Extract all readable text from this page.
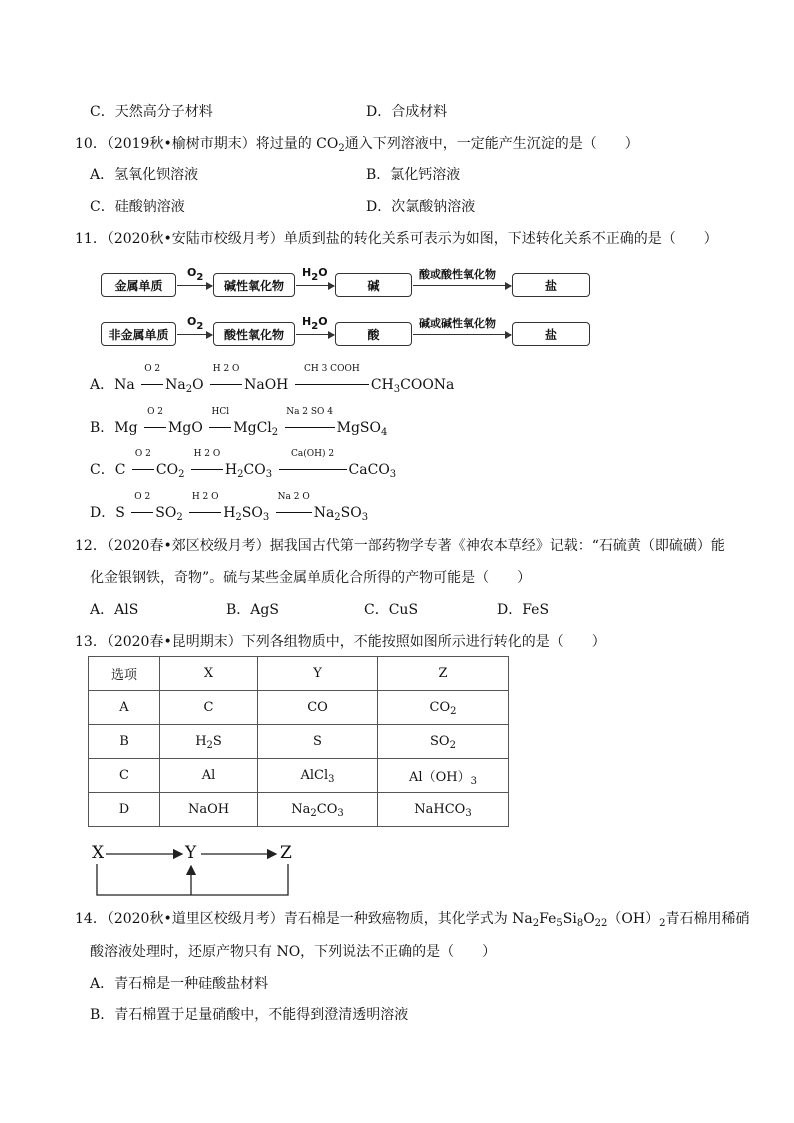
C．天然高分子材料	D．合成材料
10．（2019秋•榆树市期末）将过量的 $CO_2$通入下列溶液中，一定能产生沉淀的是（　　）
A．氢氧化钡溶液	B．氯化钙溶液
C．硅酸钠溶液	D．次氯酸钠溶液
11．（2020秋•安陆市校级月考）单质到盐的转化关系可表示为如图，下述转化关系不正确的是（　　）
金属单质
O2
碱性氧化物
H2O
碱
酸或酸性氧化物
盐
非金属单质
O2
酸性氧化物
H2O
酸
碱或碱性氧化物
盐
A．Na
O 2
$Na_2O$
H 2 O
NaOH
CH 3 COOH
$CH_3COONa$
B．Mg
O 2
MgO
HCl
MgCl$_2$
Na 2 SO 4
MgSO$_4$
C．C
O 2
$CO_2$
H 2 O
$H_2CO_3$
Ca(OH) 2
CaCO$_3$
D．S
O 2
$SO_2$
H 2 O
$H_2SO_3$
Na 2 O
$Na_2SO_3$
12．（2020春•郊区校级月考）据我国古代第一部药物学专著《神农本草经》记载：“石硫黄（即硫磺）能
化金银钢铁，奇物”。硫与某些金属单质化合所得的产物可能是（　　）
A．AlS	B．AgS	C．CuS	D．FeS
13．（2020春•昆明期末）下列各组物质中，不能按照如图所示进行转化的是（　　）
选项	X	Y	Z
A	C	CO	$CO_2$
B	$H_2S$	S	$SO_2$
C	Al	AlCl$_3$	$Al(OH)_3$
D	NaOH	$Na_2CO_3$	NaHCO$_3$
X	Y	Z
14．（2020秋•道里区校级月考）青石棉是一种致癌物质，其化学式为 $Na_2Fe_5Si_8O_{22}(OH)_2$青石棉用稀硝
酸溶液处理时，还原产物只有 NO，下列说法不正确的是（　　）
A．青石棉是一种硅酸盐材料
B．青石棉置于足量硝酸中，不能得到澄清透明溶液
